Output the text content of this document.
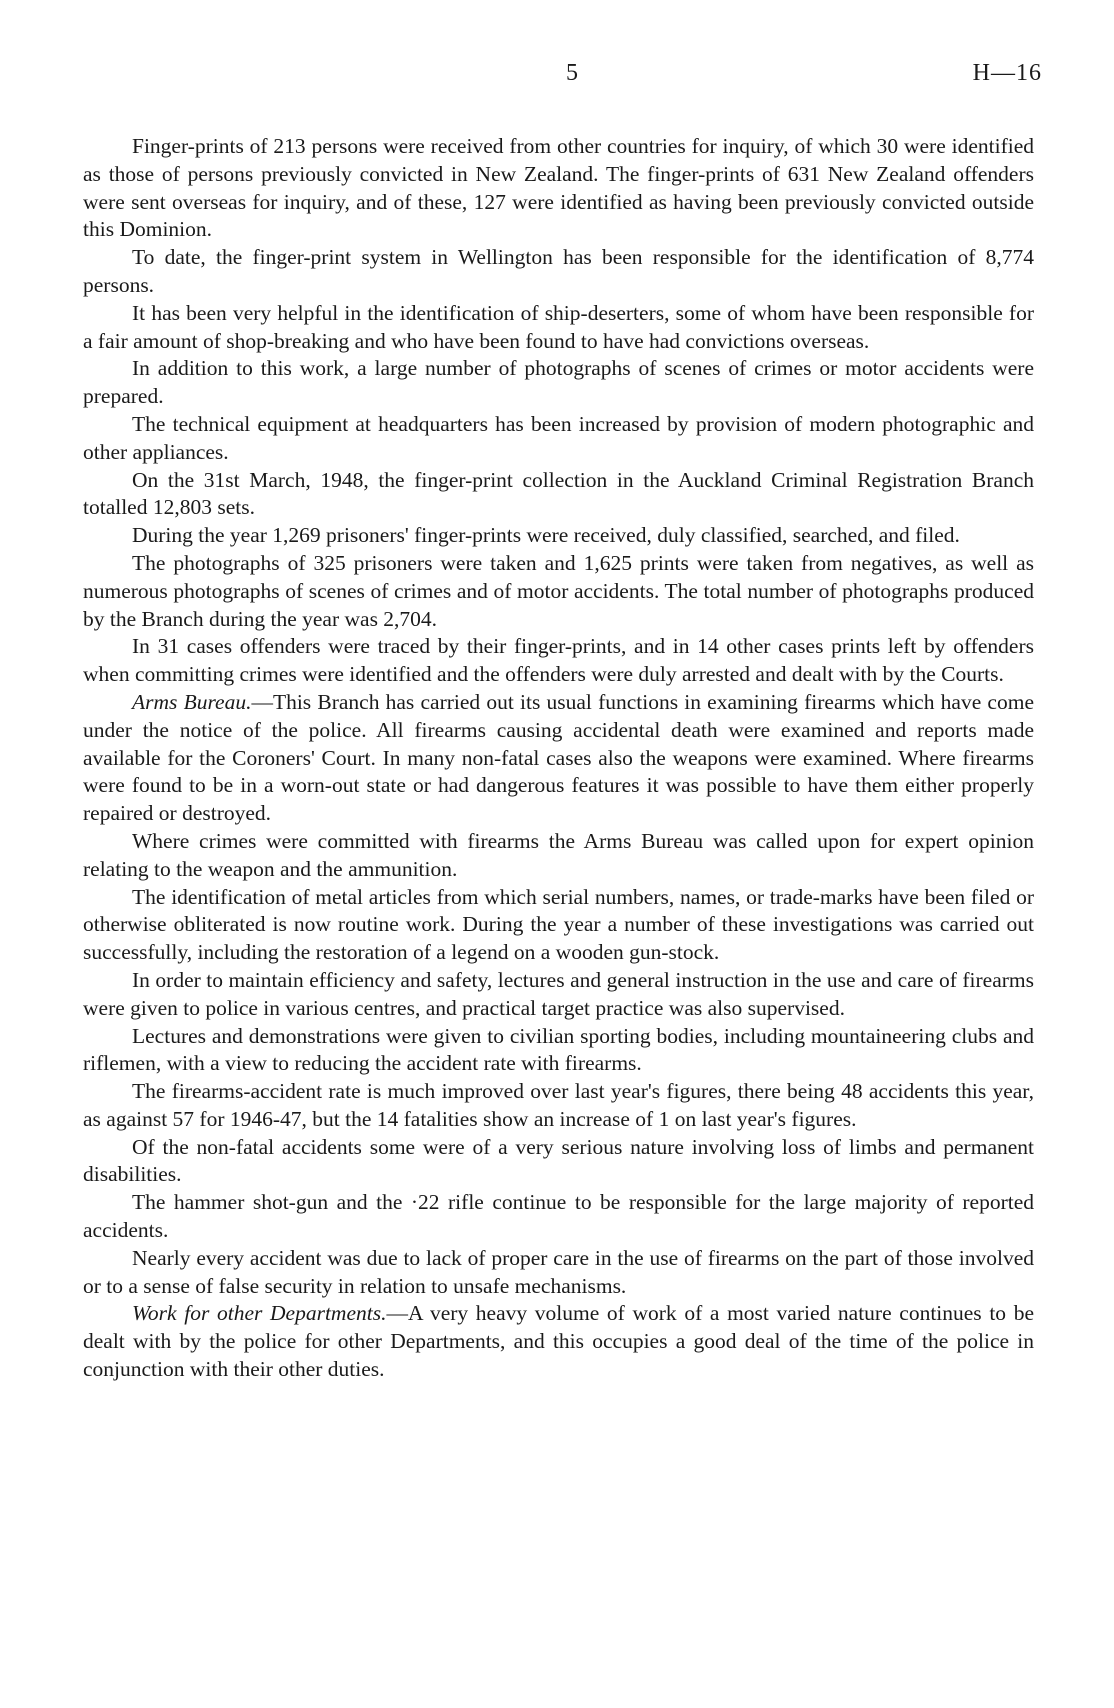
5	H—16

Finger-prints of 213 persons were received from other countries for inquiry, of which 30 were identified as those of persons previously convicted in New Zealand. The finger-prints of 631 New Zealand offenders were sent overseas for inquiry, and of these, 127 were identified as having been previously convicted outside this Dominion.

To date, the finger-print system in Wellington has been responsible for the identification of 8,774 persons.

It has been very helpful in the identification of ship-deserters, some of whom have been responsible for a fair amount of shop-breaking and who have been found to have had convictions overseas.

In addition to this work, a large number of photographs of scenes of crimes or motor accidents were prepared.

The technical equipment at headquarters has been increased by provision of modern photographic and other appliances.

On the 31st March, 1948, the finger-print collection in the Auckland Criminal Registration Branch totalled 12,803 sets.

During the year 1,269 prisoners' finger-prints were received, duly classified, searched, and filed.

The photographs of 325 prisoners were taken and 1,625 prints were taken from negatives, as well as numerous photographs of scenes of crimes and of motor accidents. The total number of photographs produced by the Branch during the year was 2,704.

In 31 cases offenders were traced by their finger-prints, and in 14 other cases prints left by offenders when committing crimes were identified and the offenders were duly arrested and dealt with by the Courts.

Arms Bureau.—This Branch has carried out its usual functions in examining firearms which have come under the notice of the police. All firearms causing accidental death were examined and reports made available for the Coroners' Court. In many non-fatal cases also the weapons were examined. Where firearms were found to be in a worn-out state or had dangerous features it was possible to have them either properly repaired or destroyed.

Where crimes were committed with firearms the Arms Bureau was called upon for expert opinion relating to the weapon and the ammunition.

The identification of metal articles from which serial numbers, names, or trade-marks have been filed or otherwise obliterated is now routine work. During the year a number of these investigations was carried out successfully, including the restoration of a legend on a wooden gun-stock.

In order to maintain efficiency and safety, lectures and general instruction in the use and care of firearms were given to police in various centres, and practical target practice was also supervised.

Lectures and demonstrations were given to civilian sporting bodies, including mountaineering clubs and riflemen, with a view to reducing the accident rate with firearms.

The firearms-accident rate is much improved over last year's figures, there being 48 accidents this year, as against 57 for 1946-47, but the 14 fatalities show an increase of 1 on last year's figures.

Of the non-fatal accidents some were of a very serious nature involving loss of limbs and permanent disabilities.

The hammer shot-gun and the ·22 rifle continue to be responsible for the large majority of reported accidents.

Nearly every accident was due to lack of proper care in the use of firearms on the part of those involved or to a sense of false security in relation to unsafe mechanisms.

Work for other Departments.—A very heavy volume of work of a most varied nature continues to be dealt with by the police for other Departments, and this occupies a good deal of the time of the police in conjunction with their other duties.
